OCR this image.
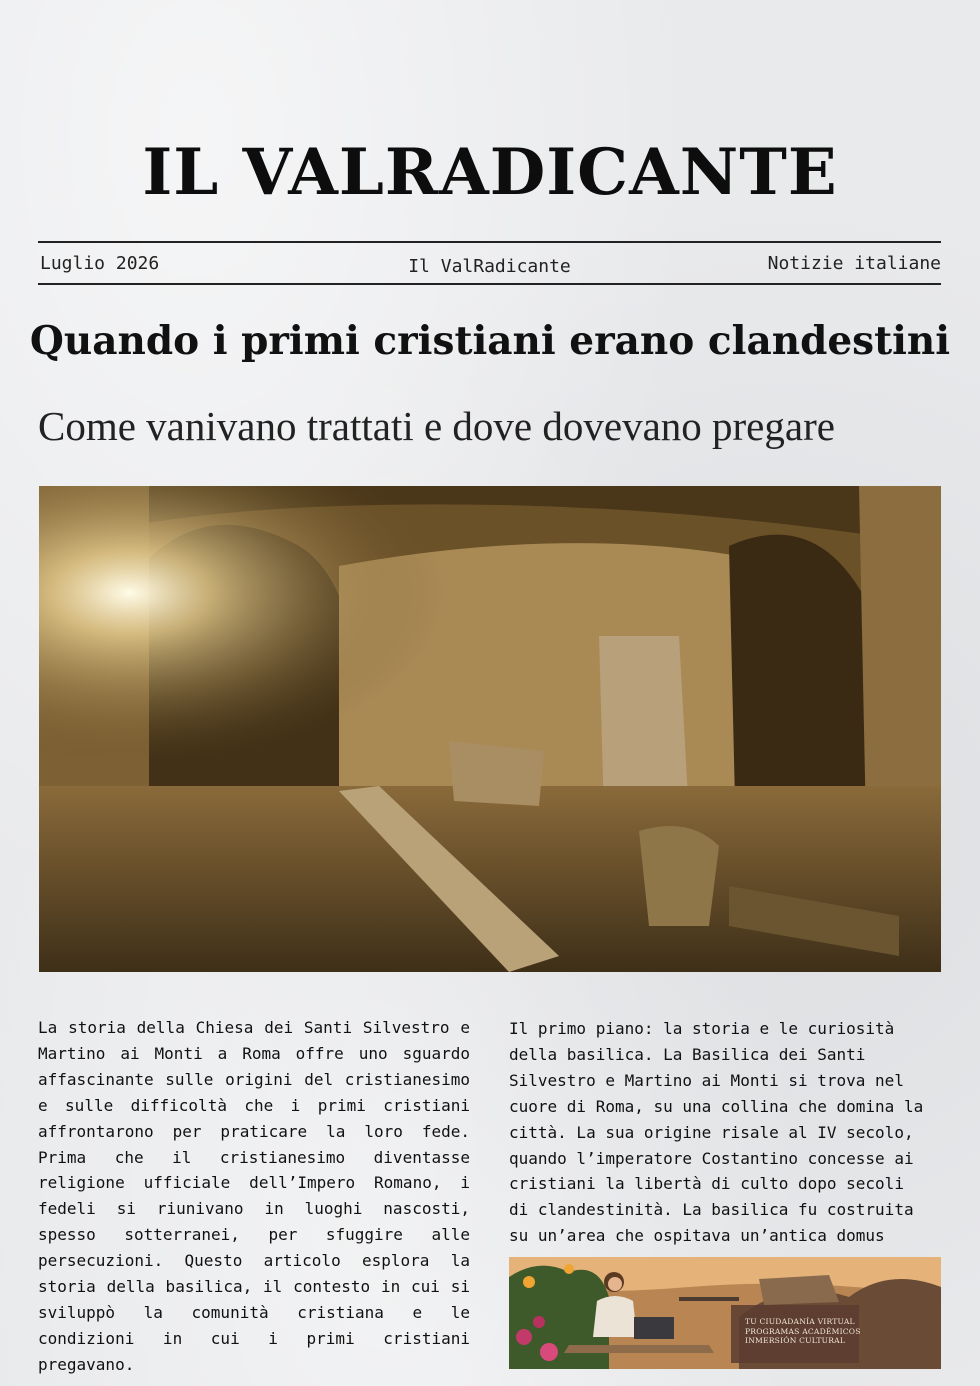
IL VALRADICANTE
Luglio 2026	Il ValRadicante	Notizie italiane
Quando i primi cristiani erano clandestini
Come vanivano trattati e dove dovevano pregare
La storia della Chiesa dei Santi Silvestro e Martino ai Monti a Roma offre uno sguardo affascinante sulle origini del cristianesimo e sulle difficoltà che i primi cristiani affrontarono per praticare la loro fede. Prima che il cristianesimo diventasse religione ufficiale dell’Impero Romano, i fedeli si riunivano in luoghi nascosti, spesso sotterranei, per sfuggire alle persecuzioni. Questo articolo esplora la storia della basilica, il contesto in cui si sviluppò la comunità cristiana e le condizioni in cui i primi cristiani pregavano.
Il primo piano: la storia e le curiosità della basilica. La Basilica dei Santi Silvestro e Martino ai Monti si trova nel cuore di Roma, su una collina che domina la città. La sua origine risale al IV secolo, quando l’imperatore Costantino concesse ai cristiani la libertà di culto dopo secoli di clandestinità. La basilica fu costruita su un’area che ospitava un’antica domus
TU CIUDADANÍA VIRTUAL
PROGRAMAS ACADÉMICOS
INMERSIÓN CULTURAL
